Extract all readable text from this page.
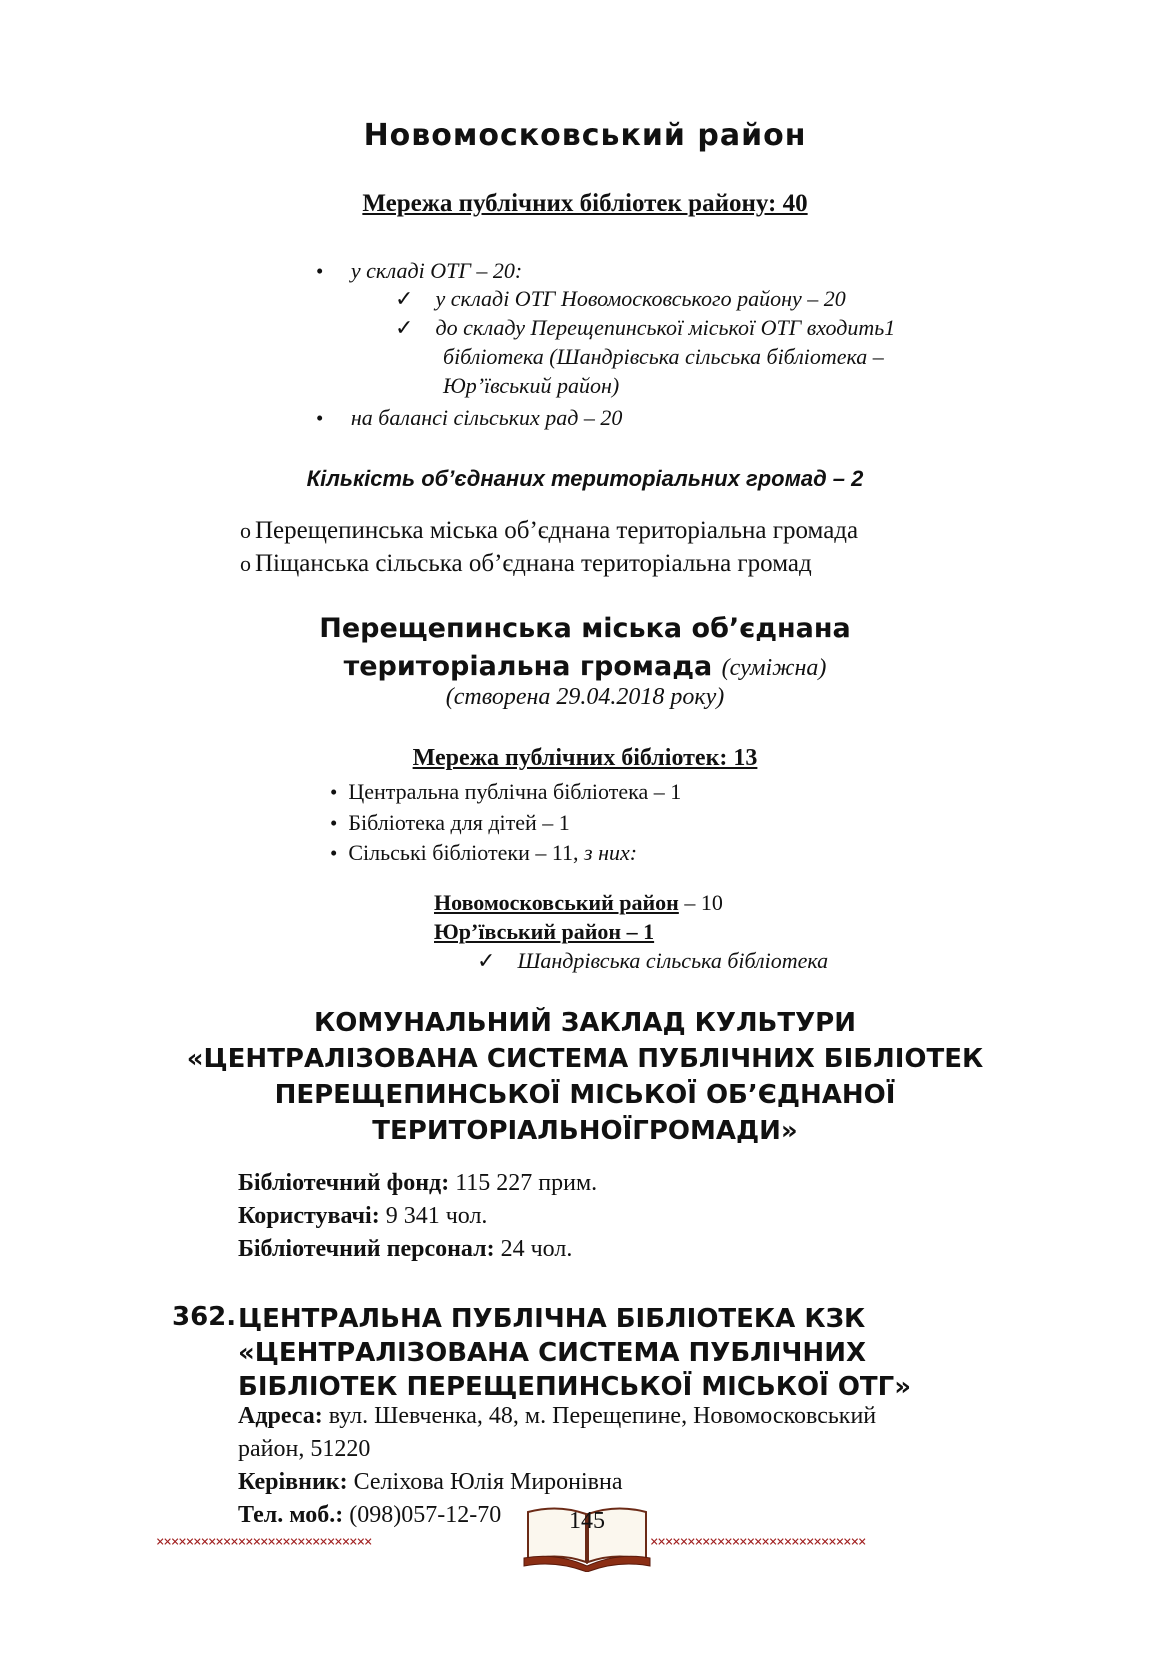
Новомосковський район
Мережа публічних бібліотек району: 40
• у складі ОТГ – 20:
✓ у складі ОТГ Новомосковського району – 20
✓ до складу Перещепинської міської ОТГ входить1
бібліотека (Шандрівська сільська бібліотека –
Юр’ївський район)
• на балансі сільських рад – 20
Кількість об’єднаних територіальних громад – 2
o Перещепинська міська об’єднана територіальна громада
o Піщанська сільська об’єднана територіальна громад
Перещепинська міська об’єднана
територіальна громада (суміжна)
(створена 29.04.2018 року)
Мережа публічних бібліотек: 13
• Центральна публічна бібліотека – 1
• Бібліотека для дітей – 1
• Сільські бібліотеки – 11, з них:
Новомосковський район – 10
Юр’ївський район – 1
✓ Шандрівська сільська бібліотека
КОМУНАЛЬНИЙ ЗАКЛАД КУЛЬТУРИ
«ЦЕНТРАЛІЗОВАНА СИСТЕМА ПУБЛІЧНИХ БІБЛІОТЕК
ПЕРЕЩЕПИНСЬКОЇ МІСЬКОЇ ОБ’ЄДНАНОЇ
ТЕРИТОРІАЛЬНОЇГРОМАДИ»
Бібліотечний фонд: 115 227 прим.
Користувачі: 9 341 чол.
Бібліотечний персонал: 24 чол.
362. ЦЕНТРАЛЬНА ПУБЛІЧНА БІБЛІОТЕКА КЗК
«ЦЕНТРАЛІЗОВАНА СИСТЕМА ПУБЛІЧНИХ
БІБЛІОТЕК ПЕРЕЩЕПИНСЬКОЇ МІСЬКОЇ ОТГ»
Адреса: вул. Шевченка, 48, м. Перещепине, Новомосковський
район, 51220
Керівник: Селіхова Юлія Миронівна
Тел. моб.: (098)057-12-70
×××××××××××××××××××××××××××××	×××××××××××××××××××××××××××××
145
